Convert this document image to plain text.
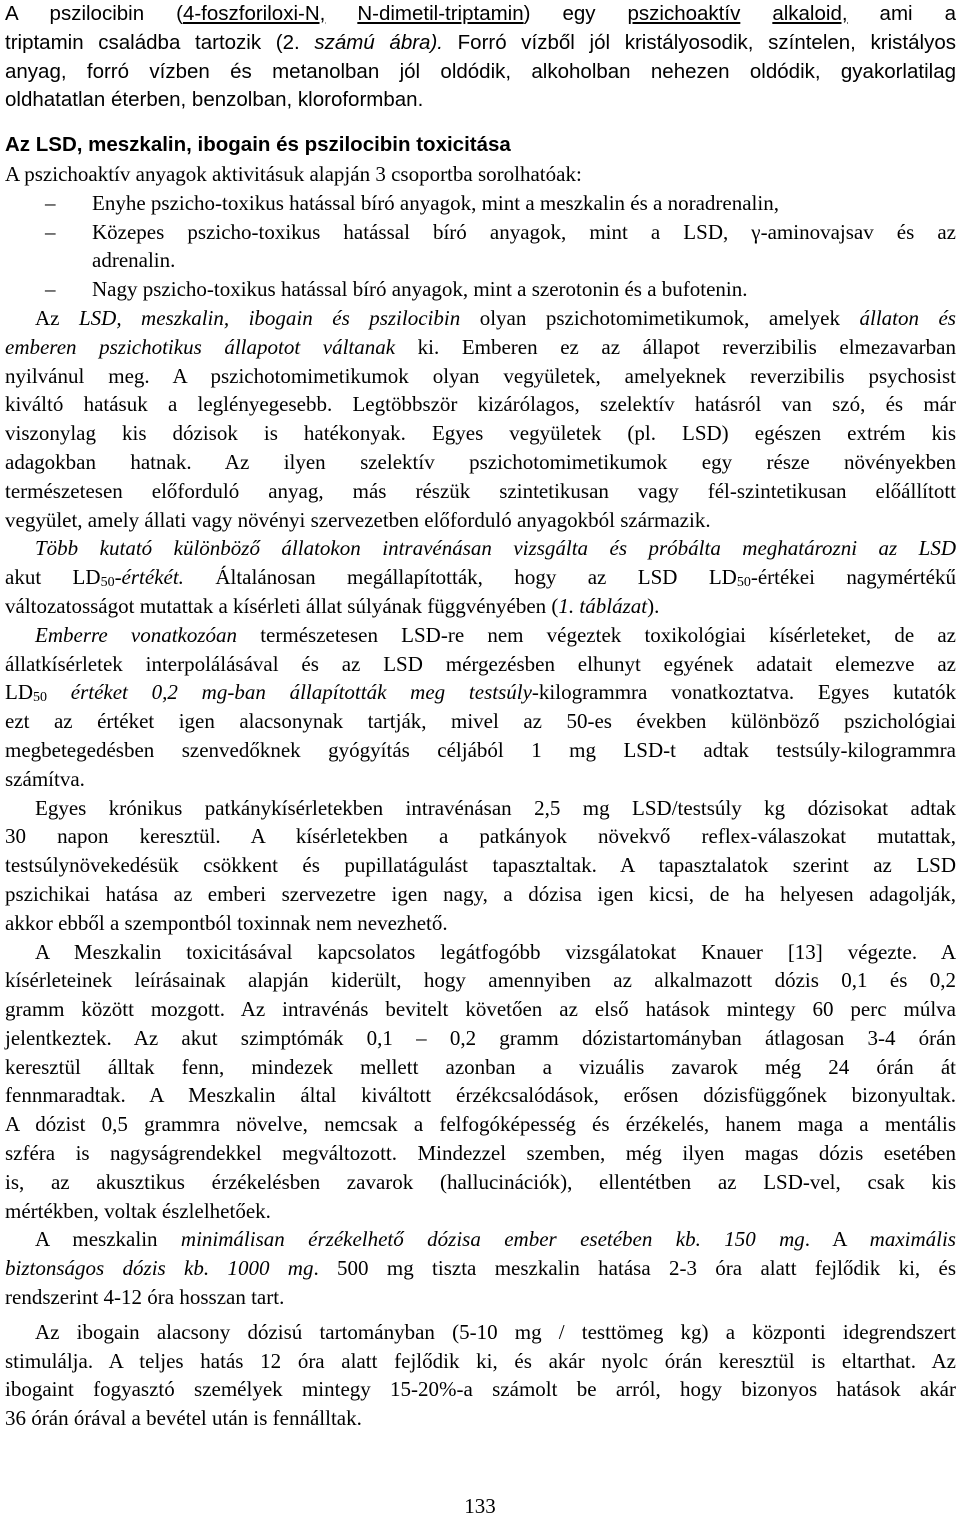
A pszilocibin (4-foszforiloxi-N, N-dimetil-triptamin) egy pszichoaktív alkaloid, ami a
triptamin családba tartozik (2. számú ábra). Forró vízből jól kristályosodik, színtelen, kristályos
anyag, forró vízben és metanolban jól oldódik, alkoholban nehezen oldódik, gyakorlatilag
oldhatatlan éterben, benzolban, kloroformban.
Az LSD, meszkalin, ibogain és pszilocibin toxicitása
A pszichoaktív anyagok aktivitásuk alapján 3 csoportba sorolhatóak:
– Enyhe pszicho-toxikus hatással bíró anyagok, mint a meszkalin és a noradrenalin,
– Közepes pszicho-toxikus hatással bíró anyagok, mint a LSD, γ-aminovajsav és az
adrenalin.
– Nagy pszicho-toxikus hatással bíró anyagok, mint a szerotonin és a bufotenin.
Az LSD, meszkalin, ibogain és pszilocibin olyan pszichotomimetikumok, amelyek állaton és
emberen pszichotikus állapotot váltanak ki. Emberen ez az állapot reverzibilis elmezavarban
nyilvánul meg. A pszichotomimetikumok olyan vegyületek, amelyeknek reverzibilis psychosist
kiváltó hatásuk a leglényegesebb. Legtöbbször kizárólagos, szelektív hatásról van szó, és már
viszonylag kis dózisok is hatékonyak. Egyes vegyületek (pl. LSD) egészen extrém kis
adagokban hatnak. Az ilyen szelektív pszichotomimetikumok egy része növényekben
természetesen előforduló anyag, más részük szintetikusan vagy fél-szintetikusan előállított
vegyület, amely állati vagy növényi szervezetben előforduló anyagokból származik.
Több kutató különböző állatokon intravénásan vizsgálta és próbálta meghatározni az LSD
akut $LD_{50}$-értékét. Általánosan megállapították, hogy az LSD $LD_{50}$-értékei nagymértékű
változatosságot mutattak a kísérleti állat súlyának függvényében (1. táblázat).
Emberre vonatkozóan természetesen LSD-re nem végeztek toxikológiai kísérleteket, de az
állatkísérletek interpolálásával és az LSD mérgezésben elhunyt egyének adatait elemezve az
$LD_{50}$ értéket 0,2 mg-ban állapították meg testsúly-kilogrammra vonatkoztatva. Egyes kutatók
ezt az értéket igen alacsonynak tartják, mivel az 50-es években különböző pszichológiai
megbetegedésben szenvedőknek gyógyítás céljából 1 mg LSD-t adtak testsúly-kilogrammra
számítva.
Egyes krónikus patkánykísérletekben intravénásan 2,5 mg LSD/testsúly kg dózisokat adtak
30 napon keresztül. A kísérletekben a patkányok növekvő reflex-válaszokat mutattak,
testsúlynövekedésük csökkent és pupillatágulást tapasztaltak. A tapasztalatok szerint az LSD
pszichikai hatása az emberi szervezetre igen nagy, a dózisa igen kicsi, de ha helyesen adagolják,
akkor ebből a szempontból toxinnak nem nevezhető.
A Meszkalin toxicitásával kapcsolatos legátfogóbb vizsgálatokat Knauer [13] végezte. A
kísérleteinek leírásainak alapján kiderült, hogy amennyiben az alkalmazott dózis 0,1 és 0,2
gramm között mozgott. Az intravénás bevitelt követően az első hatások mintegy 60 perc múlva
jelentkeztek. Az akut szimptómák 0,1 – 0,2 gramm dózistartományban átlagosan 3-4 órán
keresztül álltak fenn, mindezek mellett azonban a vizuális zavarok még 24 órán át
fennmaradtak. A Meszkalin által kiváltott érzékcsalódások, erősen dózisfüggőnek bizonyultak.
A dózist 0,5 grammra növelve, nemcsak a felfogóképesség és érzékelés, hanem maga a mentális
szféra is nagyságrendekkel megváltozott. Mindezzel szemben, még ilyen magas dózis esetében
is, az akusztikus érzékelésben zavarok (hallucinációk), ellentétben az LSD-vel, csak kis
mértékben, voltak észlelhetőek.
A meszkalin minimálisan érzékelhető dózisa ember esetében kb. 150 mg. A maximális
biztonságos dózis kb. 1000 mg. 500 mg tiszta meszkalin hatása 2-3 óra alatt fejlődik ki, és
rendszerint 4-12 óra hosszan tart.
Az ibogain alacsony dózisú tartományban (5-10 mg / testtömeg kg) a központi idegrendszert
stimulálja. A teljes hatás 12 óra alatt fejlődik ki, és akár nyolc órán keresztül is eltarthat. Az
ibogaint fogyasztó személyek mintegy 15-20%-a számolt be arról, hogy bizonyos hatások akár
36 órán órával a bevétel után is fennálltak.
133
